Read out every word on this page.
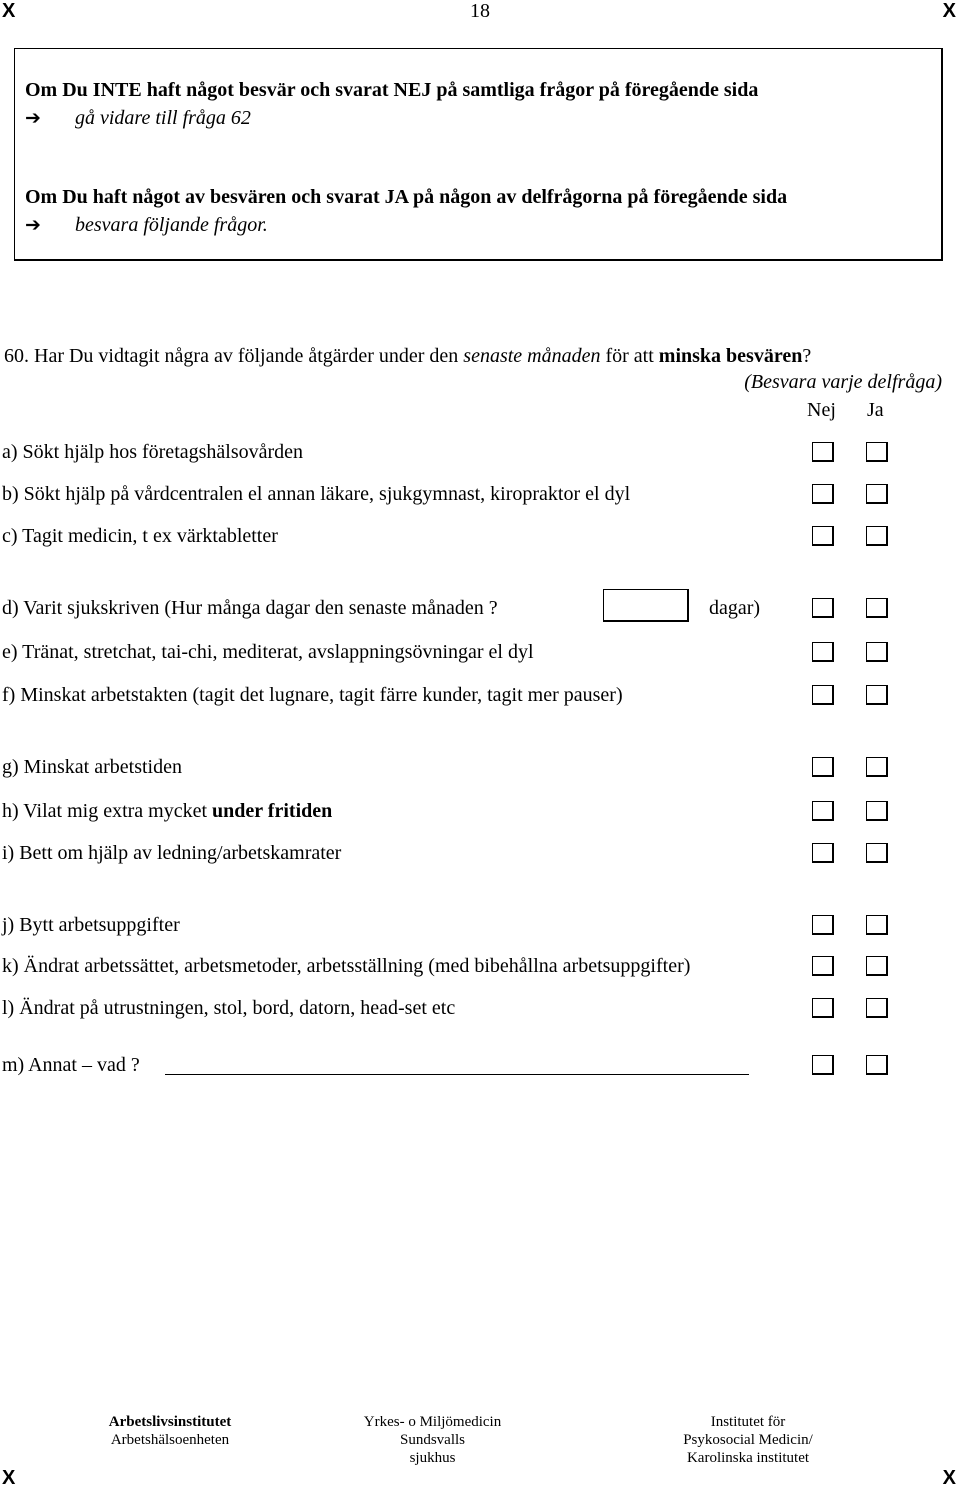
X	X
X	X
18
Om Du INTE haft något besvär och svarat NEJ på samtliga frågor på föregående sida
➔ gå vidare till fråga 62
Om Du haft något av besvären och svarat JA på någon av delfrågorna på föregående sida
➔ besvara följande frågor.
60. Har Du vidtagit några av följande åtgärder under den senaste månaden för att minska besvären?
(Besvara varje delfråga)
Nej Ja
a) Sökt hjälp hos företagshälsovården
b) Sökt hjälp på vårdcentralen el annan läkare, sjukgymnast, kiropraktor el dyl
c) Tagit medicin, t ex värktabletter
d) Varit sjukskriven (Hur många dagar den senaste månaden ?	dagar)
e) Tränat, stretchat, tai-chi, mediterat, avslappningsövningar el dyl
f) Minskat arbetstakten (tagit det lugnare, tagit färre kunder, tagit mer pauser)
g) Minskat arbetstiden
h) Vilat mig extra mycket under fritiden
i) Bett om hjälp av ledning/arbetskamrater
j) Bytt arbetsuppgifter
k) Ändrat arbetssättet, arbetsmetoder, arbetsställning (med bibehållna arbetsuppgifter)
l) Ändrat på utrustningen, stol, bord, datorn, head-set etc
m) Annat – vad ?
Arbetslivsinstitutet
Arbetshälsoenheten
Yrkes- o Miljömedicin
Sundsvalls
sjukhus
Institutet för
Psykosocial Medicin/
Karolinska institutet
